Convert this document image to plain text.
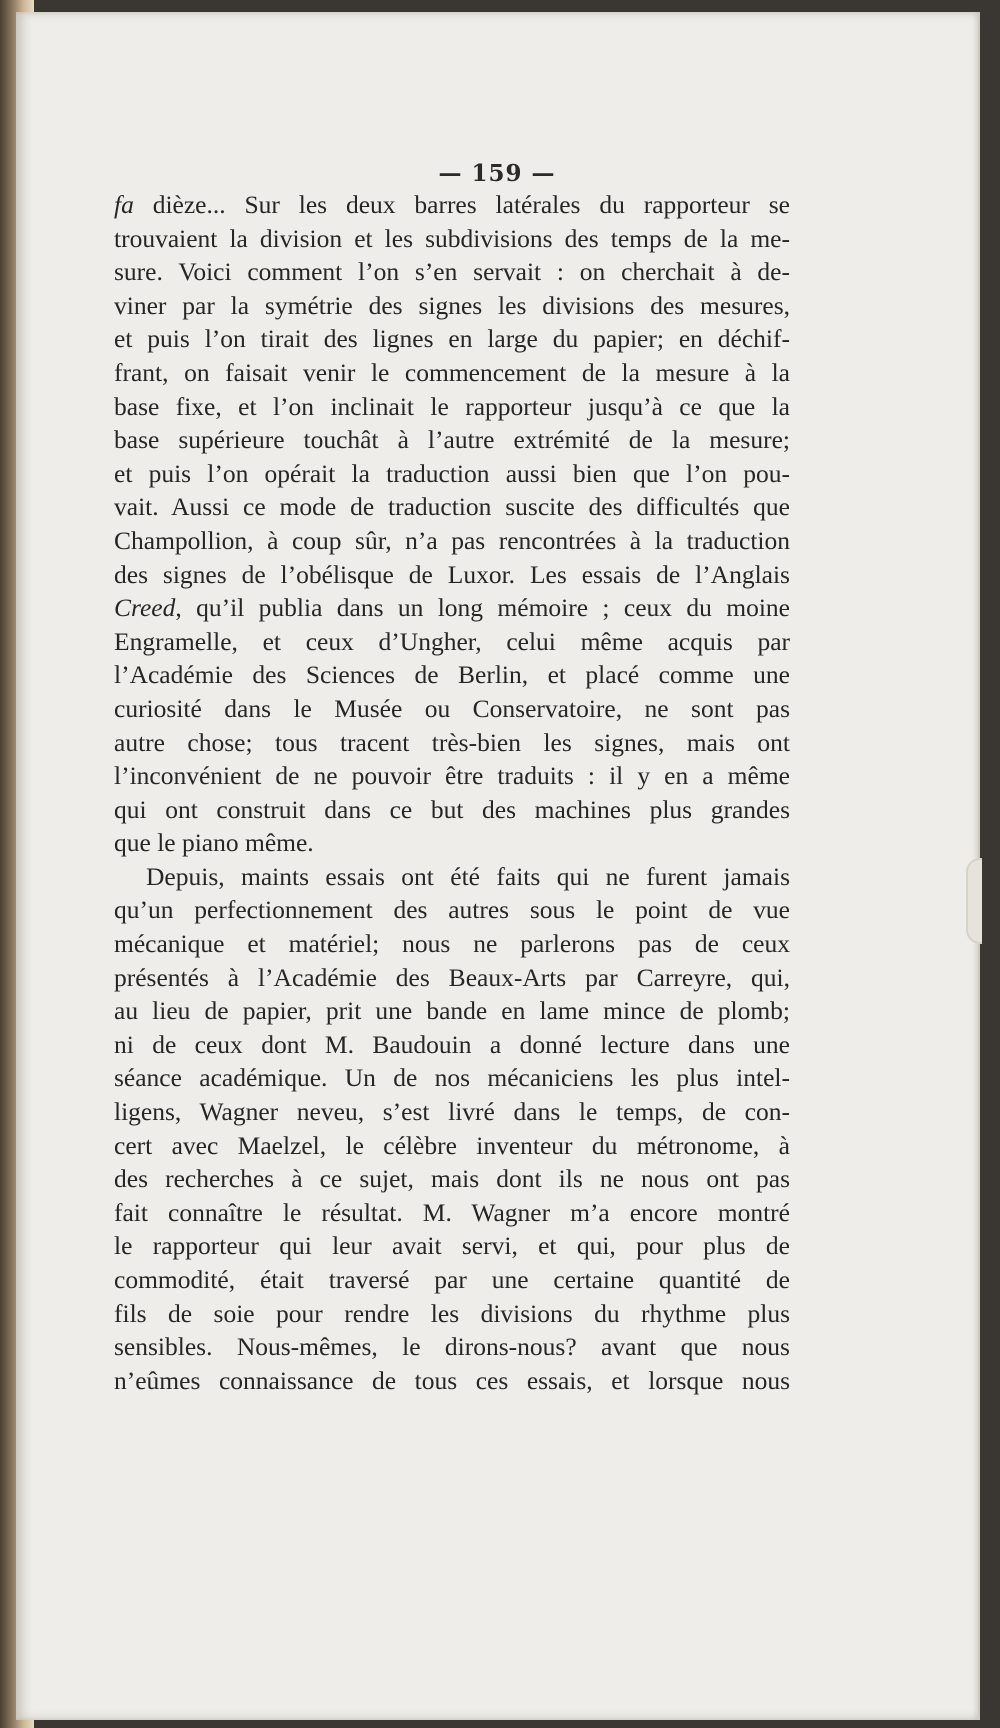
— 159 —
fa dièze... Sur les deux barres latérales du rapporteur se
trouvaient la division et les subdivisions des temps de la me-
sure. Voici comment l’on s’en servait : on cherchait à de-
viner par la symétrie des signes les divisions des mesures,
et puis l’on tirait des lignes en large du papier; en déchif-
frant, on faisait venir le commencement de la mesure à la
base fixe, et l’on inclinait le rapporteur jusqu’à ce que la
base supérieure touchât à l’autre extrémité de la mesure;
et puis l’on opérait la traduction aussi bien que l’on pou-
vait. Aussi ce mode de traduction suscite des difficultés que
Champollion, à coup sûr, n’a pas rencontrées à la traduction
des signes de l’obélisque de Luxor. Les essais de l’Anglais
Creed, qu’il publia dans un long mémoire ; ceux du moine
Engramelle, et ceux d’Ungher, celui même acquis par
l’Académie des Sciences de Berlin, et placé comme une
curiosité dans le Musée ou Conservatoire, ne sont pas
autre chose; tous tracent très-bien les signes, mais ont
l’inconvénient de ne pouvoir être traduits : il y en a même
qui ont construit dans ce but des machines plus grandes
que le piano même.
Depuis, maints essais ont été faits qui ne furent jamais
qu’un perfectionnement des autres sous le point de vue
mécanique et matériel; nous ne parlerons pas de ceux
présentés à l’Académie des Beaux-Arts par Carreyre, qui,
au lieu de papier, prit une bande en lame mince de plomb;
ni de ceux dont M. Baudouin a donné lecture dans une
séance académique. Un de nos mécaniciens les plus intel-
ligens, Wagner neveu, s’est livré dans le temps, de con-
cert avec Maelzel, le célèbre inventeur du métronome, à
des recherches à ce sujet, mais dont ils ne nous ont pas
fait connaître le résultat. M. Wagner m’a encore montré
le rapporteur qui leur avait servi, et qui, pour plus de
commodité, était traversé par une certaine quantité de
fils de soie pour rendre les divisions du rhythme plus
sensibles. Nous-mêmes, le dirons-nous? avant que nous
n’eûmes connaissance de tous ces essais, et lorsque nous
